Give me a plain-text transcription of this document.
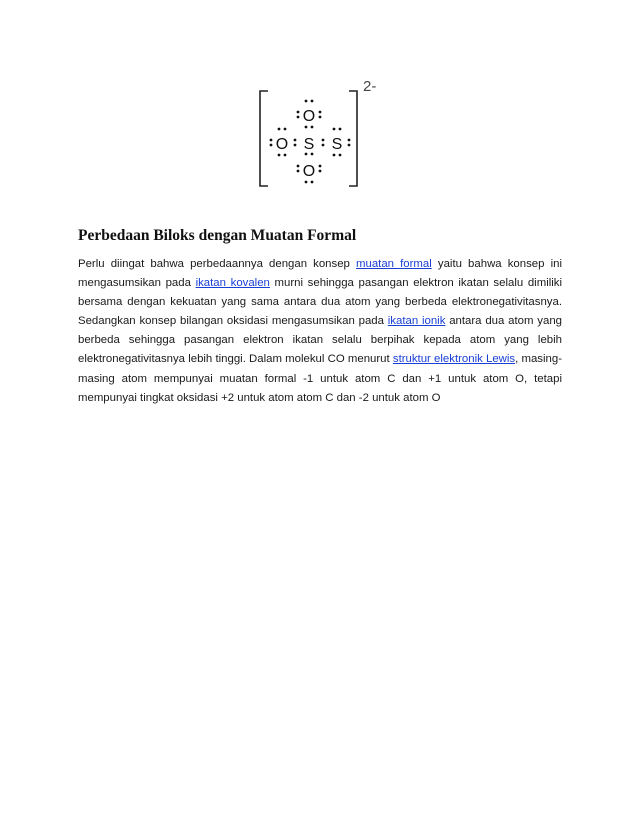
2-
O
O S S
O
Perbedaan Biloks dengan Muatan Formal

Perlu diingat bahwa perbedaannya dengan konsep muatan formal yaitu bahwa konsep ini mengasumsikan pada ikatan kovalen murni sehingga pasangan elektron ikatan selalu dimiliki bersama dengan kekuatan yang sama antara dua atom yang berbeda elektronegativitasnya. Sedangkan konsep bilangan oksidasi mengasumsikan pada ikatan ionik antara dua atom yang berbeda sehingga pasangan elektron ikatan selalu berpihak kepada atom yang lebih elektronegativitasnya lebih tinggi. Dalam molekul CO menurut struktur elektronik Lewis, masing-masing atom mempunyai muatan formal -1 untuk atom C dan +1 untuk atom O, tetapi mempunyai tingkat oksidasi +2 untuk atom atom C dan -2 untuk atom O
